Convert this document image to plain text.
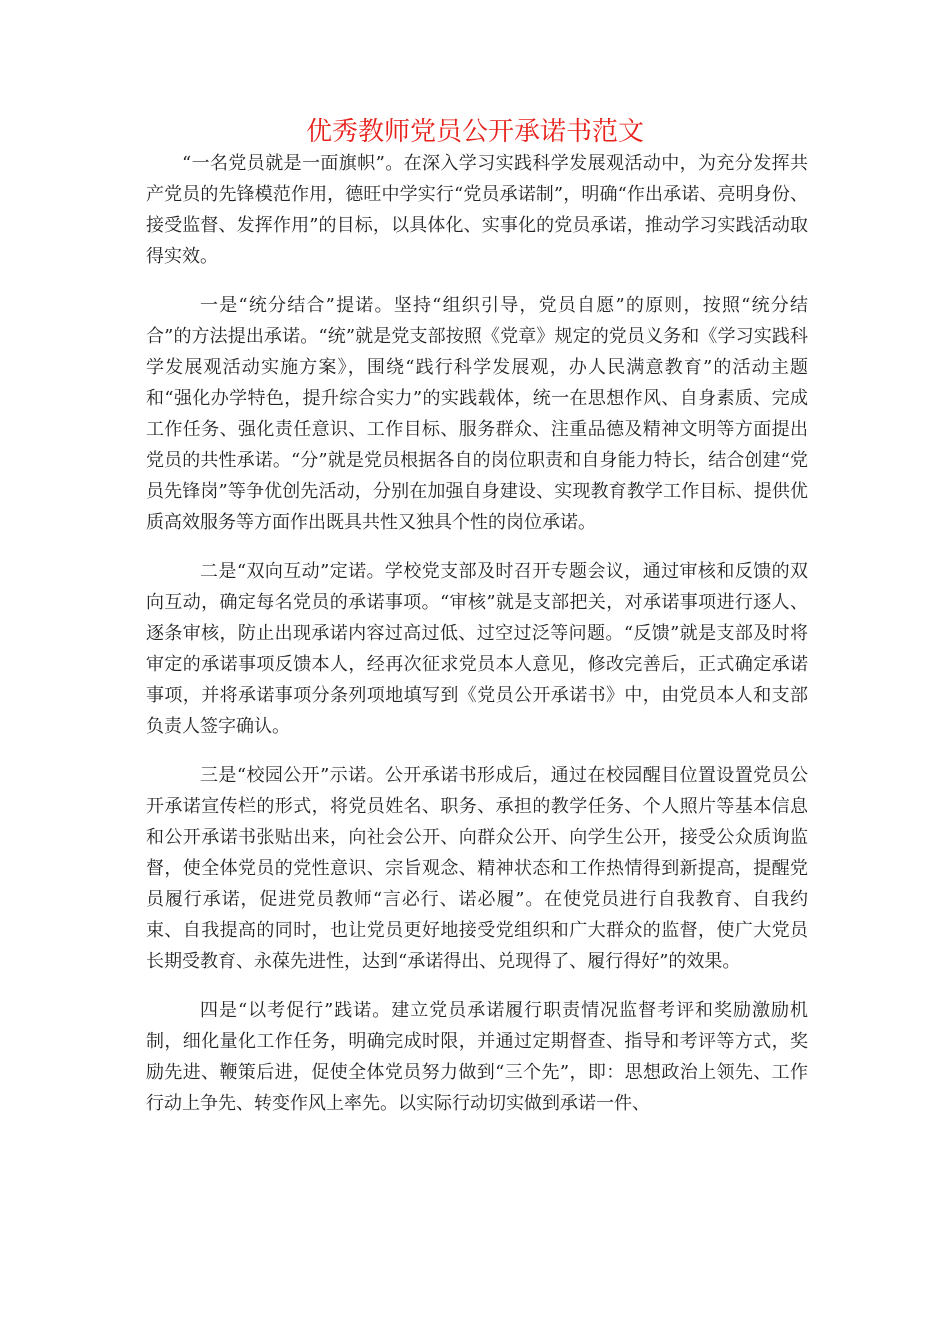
优秀教师党员公开承诺书范文

“一名党员就是一面旗帜”。在深入学习实践科学发展观活动中，为充分发挥共产党员的先锋模范作用，德旺中学实行“党员承诺制”，明确“作出承诺、亮明身份、接受监督、发挥作用”的目标，以具体化、实事化的党员承诺，推动学习实践活动取得实效。

一是“统分结合”提诺。坚持“组织引导，党员自愿”的原则，按照“统分结合”的方法提出承诺。“统”就是党支部按照《党章》规定的党员义务和《学习实践科学发展观活动实施方案》，围绕“践行科学发展观，办人民满意教育”的活动主题和“强化办学特色，提升综合实力”的实践载体，统一在思想作风、自身素质、完成工作任务、强化责任意识、工作目标、服务群众、注重品德及精神文明等方面提出党员的共性承诺。“分”就是党员根据各自的岗位职责和自身能力特长，结合创建“党员先锋岗”等争优创先活动，分别在加强自身建设、实现教育教学工作目标、提供优质高效服务等方面作出既具共性又独具个性的岗位承诺。

二是“双向互动”定诺。学校党支部及时召开专题会议，通过审核和反馈的双向互动，确定每名党员的承诺事项。“审核”就是支部把关，对承诺事项进行逐人、逐条审核，防止出现承诺内容过高过低、过空过泛等问题。“反馈”就是支部及时将审定的承诺事项反馈本人，经再次征求党员本人意见，修改完善后，正式确定承诺事项，并将承诺事项分条列项地填写到《党员公开承诺书》中，由党员本人和支部负责人签字确认。

三是“校园公开”示诺。公开承诺书形成后，通过在校园醒目位置设置党员公开承诺宣传栏的形式，将党员姓名、职务、承担的教学任务、个人照片等基本信息和公开承诺书张贴出来，向社会公开、向群众公开、向学生公开，接受公众质询监督，使全体党员的党性意识、宗旨观念、精神状态和工作热情得到新提高，提醒党员履行承诺，促进党员教师“言必行、诺必履”。在使党员进行自我教育、自我约束、自我提高的同时，也让党员更好地接受党组织和广大群众的监督，使广大党员长期受教育、永葆先进性，达到“承诺得出、兑现得了、履行得好”的效果。

四是“以考促行”践诺。建立党员承诺履行职责情况监督考评和奖励激励机制，细化量化工作任务，明确完成时限，并通过定期督查、指导和考评等方式，奖励先进、鞭策后进，促使全体党员努力做到“三个先”，即：思想政治上领先、工作行动上争先、转变作风上率先。以实际行动切实做到承诺一件、
